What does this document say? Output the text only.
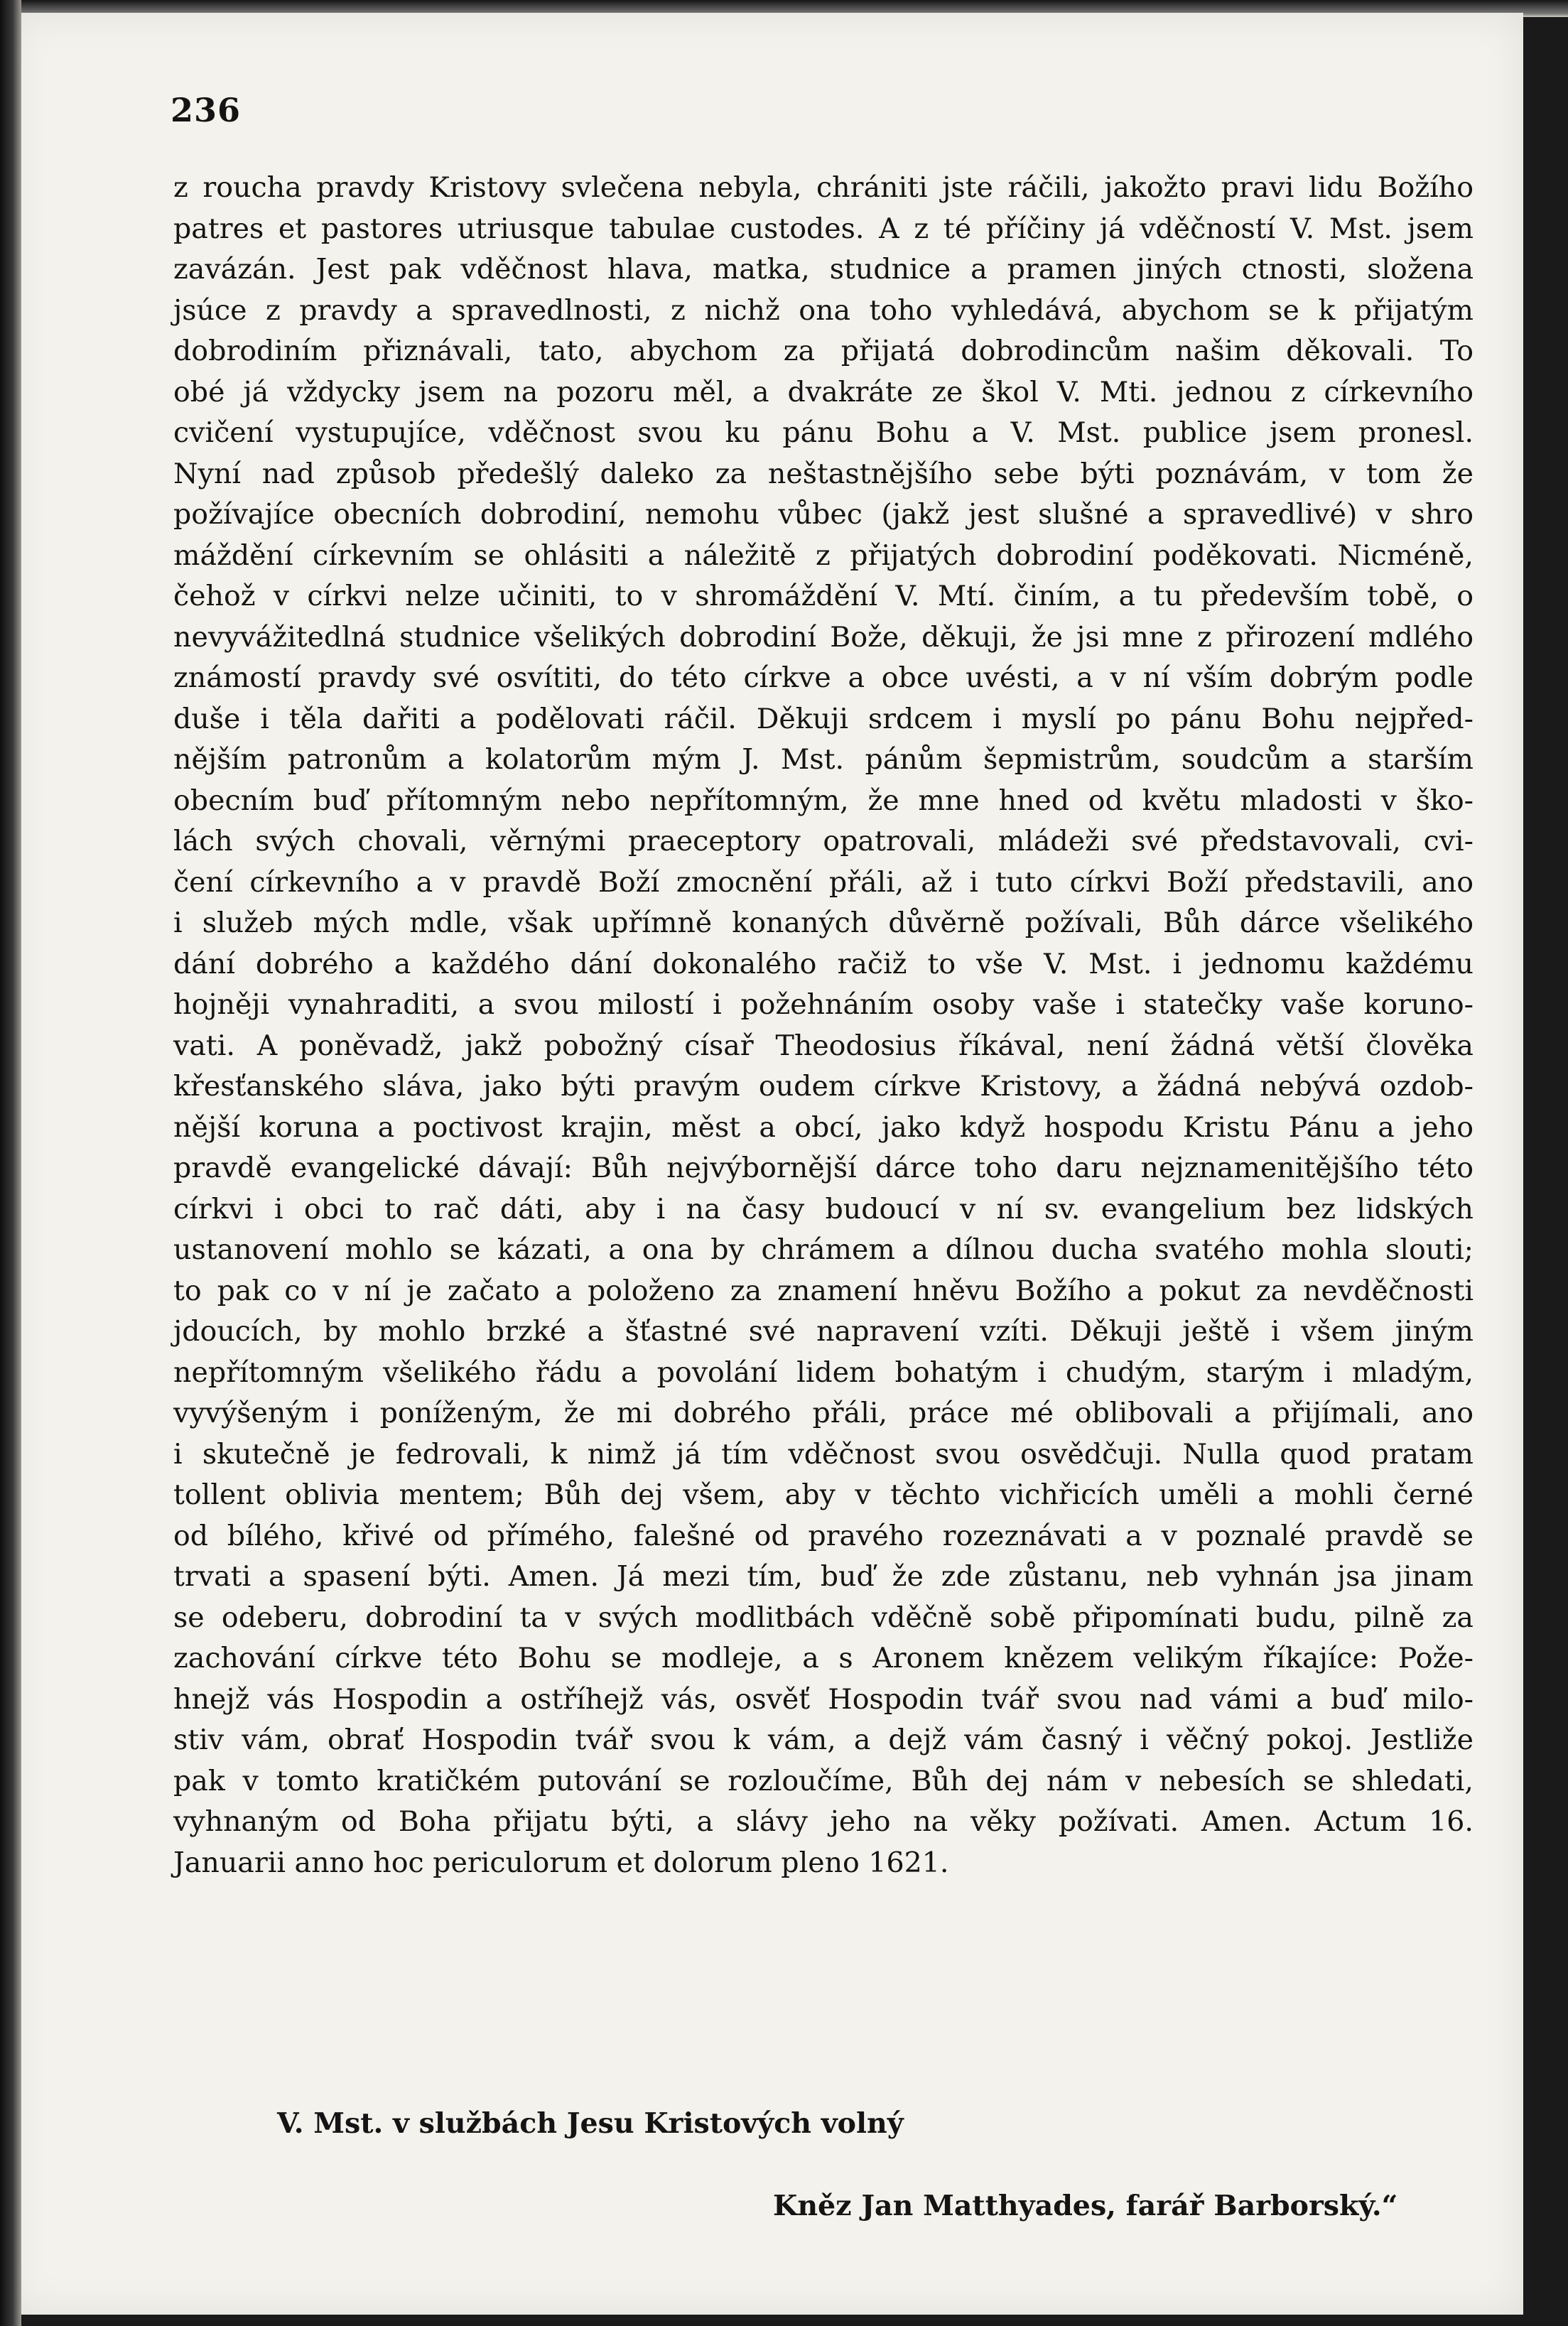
236
z roucha pravdy Kristovy svlečena nebyla, chrániti jste ráčili, jakožto pravi lidu Božího
patres et pastores utriusque tabulae custodes. A z té příčiny já vděčností V. Mst. jsem
zavázán. Jest pak vděčnost hlava, matka, studnice a pramen jiných ctnosti, složena
jsúce z pravdy a spravedlnosti, z nichž ona toho vyhledává, abychom se k přijatým
dobrodiním přiznávali, tato, abychom za přijatá dobrodincům našim děkovali. To
obé já vždycky jsem na pozoru měl, a dvakráte ze škol V. Mti. jednou z církevního
cvičení vystupujíce, vděčnost svou ku pánu Bohu a V. Mst. publice jsem pronesl.
Nyní nad způsob předešlý daleko za neštastnějšího sebe býti poznávám, v tom že
požívajíce obecních dobrodiní, nemohu vůbec (jakž jest slušné a spravedlivé) v shro
máždění církevním se ohlásiti a náležitě z přijatých dobrodiní poděkovati. Nicméně,
čehož v církvi nelze učiniti, to v shromáždění V. Mtí. činím, a tu především tobě, o
nevyvážitedlná studnice všelikých dobrodiní Bože, děkuji, že jsi mne z přirození mdlého
známostí pravdy své osvítiti, do této církve a obce uvésti, a v ní vším dobrým podle
duše i těla dařiti a podělovati ráčil. Děkuji srdcem i myslí po pánu Bohu nejpřed-
nějším patronům a kolatorům mým J. Mst. pánům šepmistrům, soudcům a starším
obecním buď přítomným nebo nepřítomným, že mne hned od květu mladosti v ško-
lách svých chovali, věrnými praeceptory opatrovali, mládeži své představovali, cvi-
čení církevního a v pravdě Boží zmocnění přáli, až i tuto církvi Boží představili, ano
i služeb mých mdle, však upřímně konaných důvěrně požívali, Bůh dárce všelikého
dání dobrého a každého dání dokonalého račiž to vše V. Mst. i jednomu každému
hojněji vynahraditi, a svou milostí i požehnáním osoby vaše i statečky vaše koruno-
vati. A poněvadž, jakž pobožný císař Theodosius říkával, není žádná větší člověka
křesťanského sláva, jako býti pravým oudem církve Kristovy, a žádná nebývá ozdob-
nější koruna a poctivost krajin, měst a obcí, jako když hospodu Kristu Pánu a jeho
pravdě evangelické dávají: Bůh nejvýbornější dárce toho daru nejznamenitějšího této
církvi i obci to rač dáti, aby i na časy budoucí v ní sv. evangelium bez lidských
ustanovení mohlo se kázati, a ona by chrámem a dílnou ducha svatého mohla slouti;
to pak co v ní je začato a položeno za znamení hněvu Božího a pokut za nevděčnosti
jdoucích, by mohlo brzké a šťastné své napravení vzíti. Děkuji ještě i všem jiným
nepřítomným všelikého řádu a povolání lidem bohatým i chudým, starým i mladým,
vyvýšeným i poníženým, že mi dobrého přáli, práce mé oblibovali a přijímali, ano
i skutečně je fedrovali, k nimž já tím vděčnost svou osvědčuji. Nulla quod pratam
tollent oblivia mentem; Bůh dej všem, aby v těchto vichřicích uměli a mohli černé
od bílého, křivé od přímého, falešné od pravého rozeznávati a v poznalé pravdě se
trvati a spasení býti. Amen. Já mezi tím, buď že zde zůstanu, neb vyhnán jsa jinam
se odeberu, dobrodiní ta v svých modlitbách vděčně sobě připomínati budu, pilně za
zachování církve této Bohu se modleje, a s Aronem knězem velikým říkajíce: Pože-
hnejž vás Hospodin a ostříhejž vás, osvěť Hospodin tvář svou nad vámi a buď milo-
stiv vám, obrať Hospodin tvář svou k vám, a dejž vám časný i věčný pokoj. Jestliže
pak v tomto kratičkém putování se rozloučíme, Bůh dej nám v nebesích se shledati,
vyhnaným od Boha přijatu býti, a slávy jeho na věky požívati. Amen. Actum 16.
Januarii anno hoc periculorum et dolorum pleno 1621.
V. Mst. v službách Jesu Kristových volný
Kněz Jan Matthyades, farář Barborský.“
